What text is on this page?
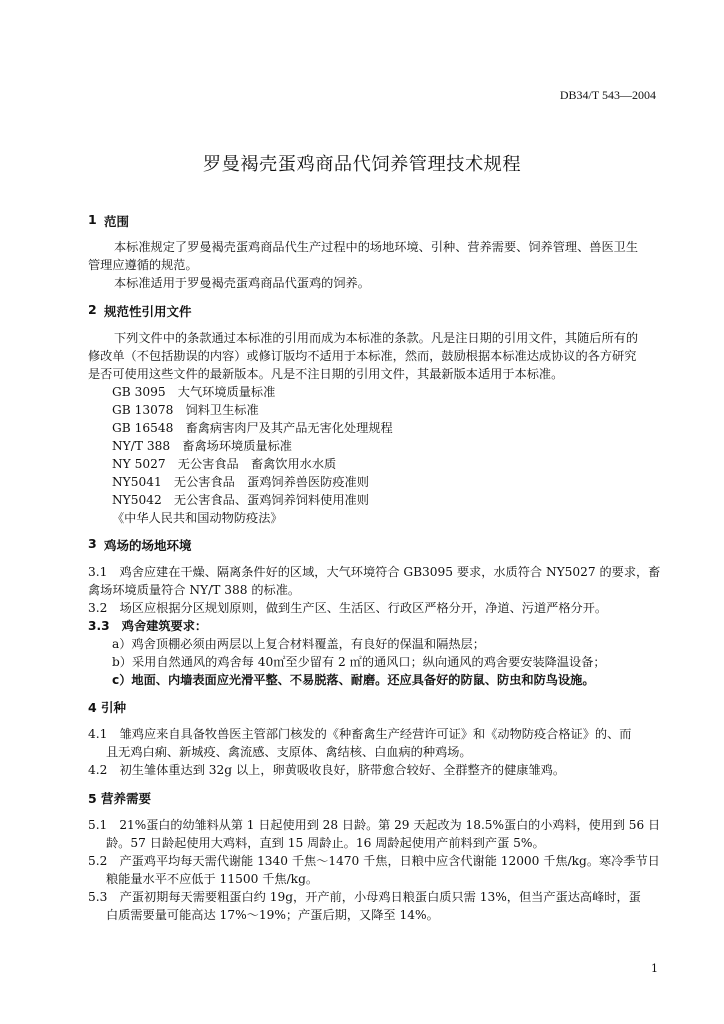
DB34/T 543—2004
罗曼褐壳蛋鸡商品代饲养管理技术规程
1 范围
本标准规定了罗曼褐壳蛋鸡商品代生产过程中的场地环境、引种、营养需要、饲养管理、兽医卫生
管理应遵循的规范。
本标准适用于罗曼褐壳蛋鸡商品代蛋鸡的饲养。
2 规范性引用文件
下列文件中的条款通过本标准的引用而成为本标准的条款。凡是注日期的引用文件，其随后所有的
修改单（不包括勘误的内容）或修订版均不适用于本标准，然而，鼓励根据本标准达成协议的各方研究
是否可使用这些文件的最新版本。凡是不注日期的引用文件，其最新版本适用于本标准。
GB 3095　大气环境质量标准
GB 13078　饲料卫生标准
GB 16548　畜禽病害肉尸及其产品无害化处理规程
NY/T 388　畜禽场环境质量标准
NY 5027　无公害食品　畜禽饮用水水质
NY5041　无公害食品　蛋鸡饲养兽医防疫准则
NY5042　无公害食品、蛋鸡饲养饲料使用准则
《中华人民共和国动物防疫法》
3 鸡场的场地环境
3.1　鸡舍应建在干燥、隔离条件好的区域，大气环境符合 GB3095 要求，水质符合 NY5027 的要求，畜
禽场环境质量符合 NY/T 388 的标准。
3.2　场区应根据分区规划原则，做到生产区、生活区、行政区严格分开，净道、污道严格分开。
3.3　鸡舍建筑要求：
a）鸡舍顶棚必须由两层以上复合材料覆盖，有良好的保温和隔热层；
b）采用自然通风的鸡舍每 40㎡至少留有 2 ㎡的通风口；纵向通风的鸡舍要安装降温设备；
c）地面、内墙表面应光滑平整、不易脱落、耐磨。还应具备好的防鼠、防虫和防鸟设施。
4 引种
4.1　雏鸡应来自具备牧兽医主管部门核发的《种畜禽生产经营许可证》和《动物防疫合格证》的、而
且无鸡白痢、新城疫、禽流感、支原体、禽结核、白血病的种鸡场。
4.2　初生雏体重达到 32g 以上，卵黄吸收良好，脐带愈合较好、全群整齐的健康雏鸡。
5 营养需要
5.1　21%蛋白的幼雏料从第 1 日起使用到 28 日龄。第 29 天起改为 18.5%蛋白的小鸡料，使用到 56 日
龄。57 日龄起使用大鸡料，直到 15 周龄止。16 周龄起使用产前料到产蛋 5%。
5.2　产蛋鸡平均每天需代谢能 1340 千焦～1470 千焦，日粮中应含代谢能 12000 千焦/kg。寒冷季节日
粮能量水平不应低于 11500 千焦/kg。
5.3　产蛋初期每天需要粗蛋白约 19g，开产前，小母鸡日粮蛋白质只需 13%，但当产蛋达高峰时，蛋
白质需要量可能高达 17%～19%；产蛋后期，又降至 14%。
1
